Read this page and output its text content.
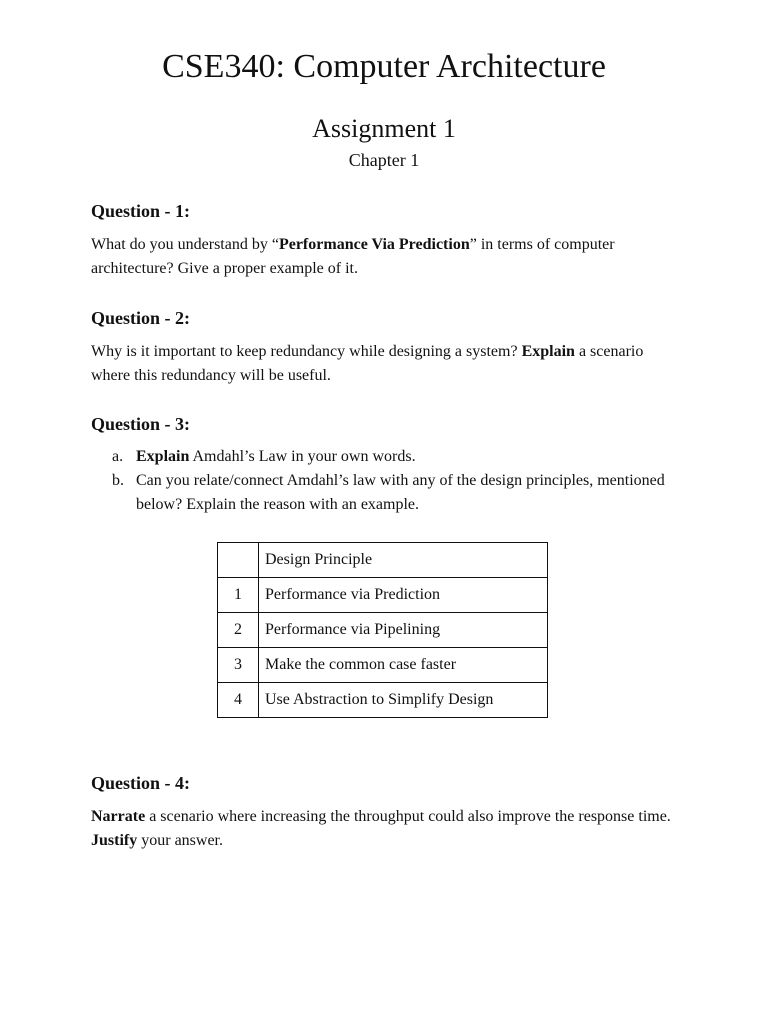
CSE340: Computer Architecture
Assignment 1
Chapter 1
Question - 1:

What do you understand by “Performance Via Prediction” in terms of computer architecture? Give a proper example of it.

Question - 2:

Why is it important to keep redundancy while designing a system? Explain a scenario where this redundancy will be useful.

Question - 3:
a. Explain Amdahl’s Law in your own words.
b. Can you relate/connect Amdahl’s law with any of the design principles, mentioned below? Explain the reason with an example.
	Design Principle
1	Performance via Prediction
2	Performance via Pipelining
3	Make the common case faster
4	Use Abstraction to Simplify Design
Question - 4:

Narrate a scenario where increasing the throughput could also improve the response time. Justify your answer.
